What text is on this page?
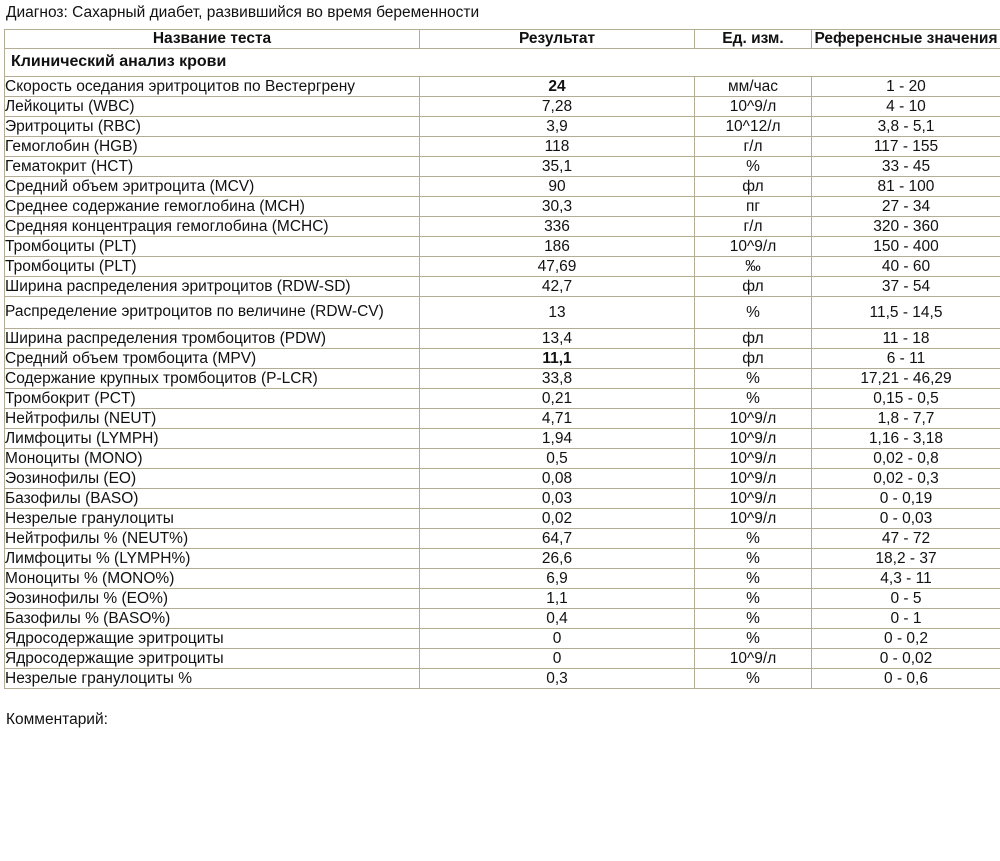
Диагноз: Сахарный диабет, развившийся во время беременности
Название теста	Результат	Ед. изм.	Референсные значения
Клинический анализ крови			
Скорость оседания эритроцитов по Вестергрену	24	мм/час	1 - 20
Лейкоциты (WBC)	7,28	10^9/л	4 - 10
Эритроциты (RBC)	3,9	10^12/л	3,8 - 5,1
Гемоглобин (HGB)	118	г/л	117 - 155
Гематокрит (HCT)	35,1	%	33 - 45
Средний объем эритроцита (MCV)	90	фл	81 - 100
Среднее содержание гемоглобина (MCH)	30,3	пг	27 - 34
Средняя концентрация гемоглобина (MCHC)	336	г/л	320 - 360
Тромбоциты (PLT)	186	10^9/л	150 - 400
Тромбоциты (PLT)	47,69	‰	40 - 60
Ширина распределения эритроцитов (RDW-SD)	42,7	фл	37 - 54
Распределение эритроцитов по величине (RDW-CV)	13	%	11,5 - 14,5
Ширина распределения тромбоцитов (PDW)	13,4	фл	11 - 18
Средний объем тромбоцита (MPV)	11,1	фл	6 - 11
Содержание крупных тромбоцитов (P-LCR)	33,8	%	17,21 - 46,29
Тромбокрит (PCT)	0,21	%	0,15 - 0,5
Нейтрофилы (NEUT)	4,71	10^9/л	1,8 - 7,7
Лимфоциты (LYMPH)	1,94	10^9/л	1,16 - 3,18
Моноциты (MONO)	0,5	10^9/л	0,02 - 0,8
Эозинофилы (EO)	0,08	10^9/л	0,02 - 0,3
Базофилы (BASO)	0,03	10^9/л	0 - 0,19
Незрелые гранулоциты	0,02	10^9/л	0 - 0,03
Нейтрофилы % (NEUT%)	64,7	%	47 - 72
Лимфоциты % (LYMPH%)	26,6	%	18,2 - 37
Моноциты % (MONO%)	6,9	%	4,3 - 11
Эозинофилы % (EO%)	1,1	%	0 - 5
Базофилы % (BASO%)	0,4	%	0 - 1
Ядросодержащие эритроциты	0	%	0 - 0,2
Ядросодержащие эритроциты	0	10^9/л	0 - 0,02
Незрелые гранулоциты %	0,3	%	0 - 0,6
Комментарий:
